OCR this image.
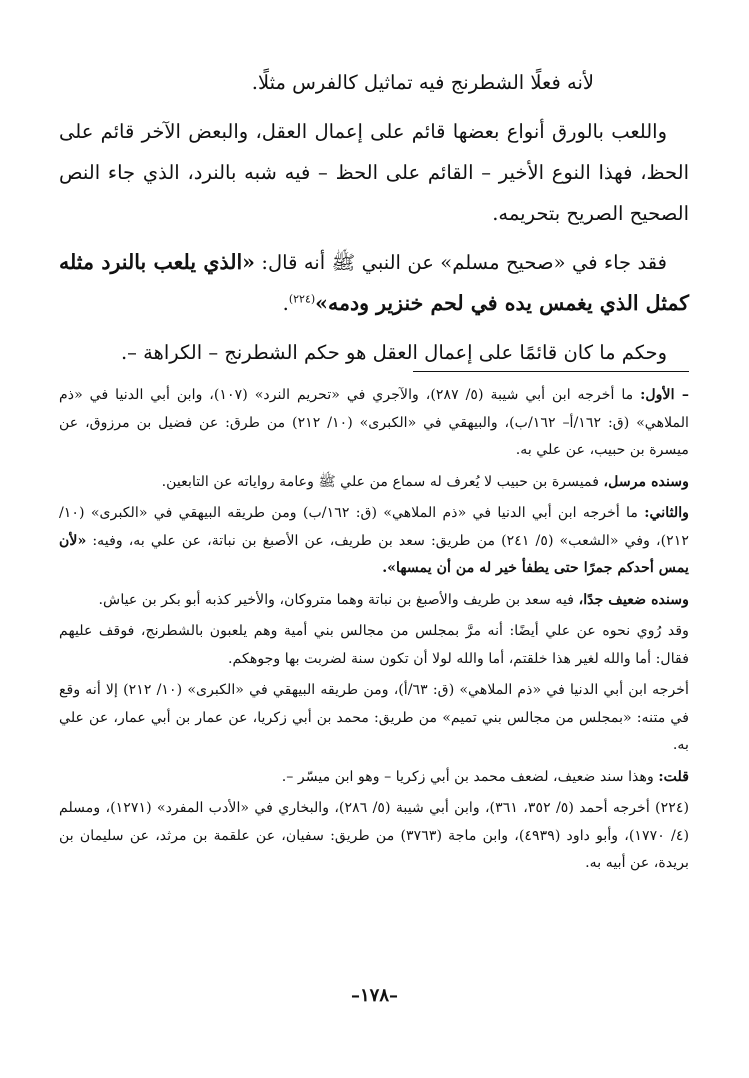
لأنه فعلًا الشطرنج فيه تماثيل كالفرس مثلًا.

واللعب بالورق أنواع بعضها قائم على إعمال العقل، والبعض الآخر قائم على الحظ، فهذا النوع الأخير – القائم على الحظ – فيه شبه بالنرد، الذي جاء النص الصحيح الصريح بتحريمه.

فقد جاء في «صحيح مسلم» عن النبي ﷺ أنه قال: «الذي يلعب بالنرد مثله كمثل الذي يغمس يده في لحم خنزير ودمه»$^{(٢٢٤)}$.

وحكم ما كان قائمًا على إعمال العقل هو حكم الشطرنج – الكراهة –.

– الأول: ما أخرجه ابن أبي شيبة (٥/ ٢٨٧)، والآجري في «تحريم النرد» (١٠٧)، وابن أبي الدنيا في «ذم الملاهي» (ق: ١٦٢/أ– ١٦٢/ب)، والبيهقي في «الكبرى» (١٠/ ٢١٢) من طرق: عن فضيل بن مرزوق، عن ميسرة بن حبيب، عن علي به.

وسنده مرسل، فميسرة بن حبيب لا يُعرف له سماع من علي ﷺ وعامة رواياته عن التابعين.

والثاني: ما أخرجه ابن أبي الدنيا في «ذم الملاهي» (ق: ١٦٢/ب) ومن طريقه البيهقي في «الكبرى» (١٠/ ٢١٢)، وفي «الشعب» (٥/ ٢٤١) من طريق: سعد بن طريف، عن الأصبغ بن نباتة، عن علي به، وفيه: «لأن يمس أحدكم جمرًا حتى يطفأ خير له من أن يمسها».

وسنده ضعيف جدًا، فيه سعد بن طريف والأصبغ بن نباتة وهما متروكان، والأخير كذبه أبو بكر بن عياش.

وقد رُوي نحوه عن علي أيضًا: أنه مرَّ بمجلس من مجالس بني أمية وهم يلعبون بالشطرنج، فوقف عليهم فقال: أما والله لغير هذا خلقتم، أما والله لولا أن تكون سنة لضربت بها وجوهكم.

أخرجه ابن أبي الدنيا في «ذم الملاهي» (ق: ٦٣/أ)، ومن طريقه البيهقي في «الكبرى» (١٠/ ٢١٢) إلا أنه وقع في متنه: «بمجلس من مجالس بني تميم» من طريق: محمد بن أبي زكريا، عن عمار بن أبي عمار، عن علي به.

قلت: وهذا سند ضعيف، لضعف محمد بن أبي زكريا – وهو ابن ميسّر –.

(٢٢٤) أخرجه أحمد (٥/ ٣٥٢، ٣٦١)، وابن أبي شيبة (٥/ ٢٨٦)، والبخاري في «الأدب المفرد» (١٢٧١)، ومسلم (٤/ ١٧٧٠)، وأبو داود (٤٩٣٩)، وابن ماجة (٣٧٦٣) من طريق: سفيان، عن علقمة بن مرثد، عن سليمان بن بريدة، عن أبيه به.

–١٧٨–
